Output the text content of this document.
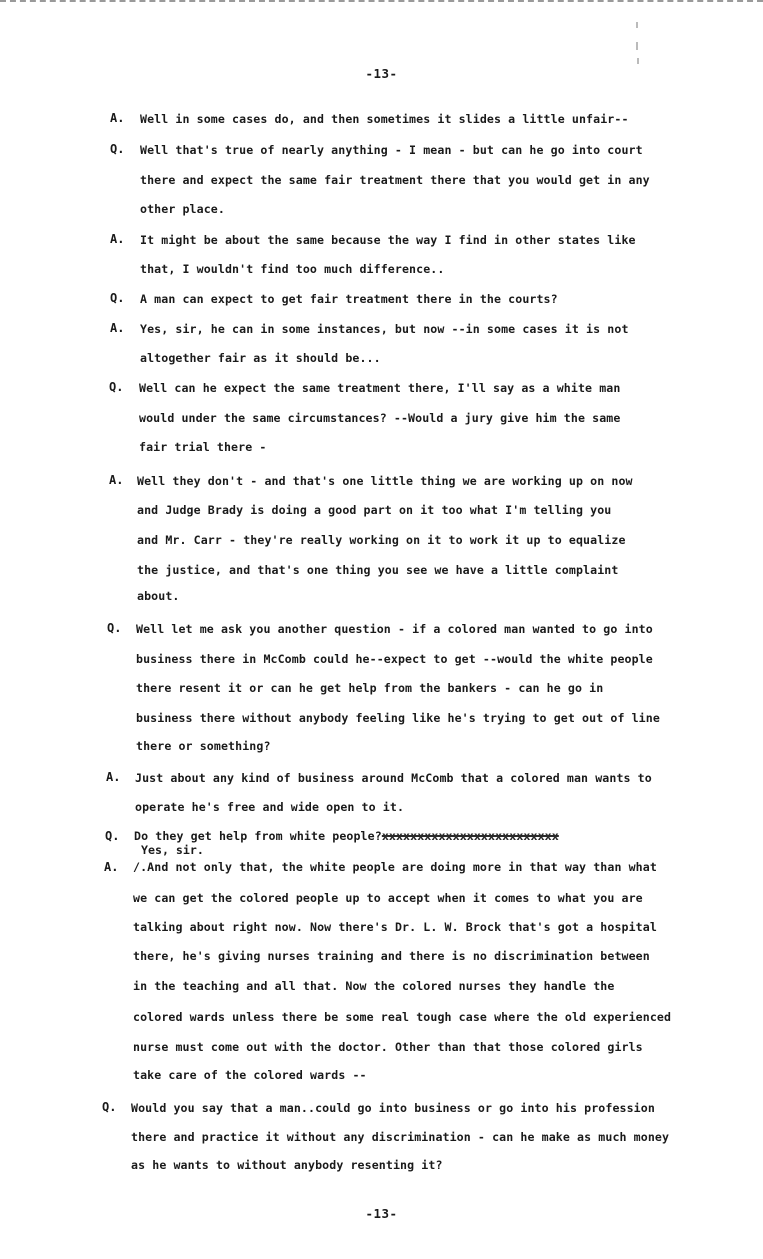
-13-
A. Well in some cases do, and then sometimes it slides a little unfair--
Q. Well that's true of nearly anything - I mean - but can he go into court
there and expect the same fair treatment there that you would get in any
other place.
A. It might be about the same because the way I find in other states like
that, I wouldn't find too much difference..
Q. A man can expect to get fair treatment there in the courts?
A. Yes, sir, he can in some instances, but now --in some cases it is not
altogether fair as it should be...
Q. Well can he expect the same treatment there, I'll say as a white man
would under the same circumstances? --Would a jury give him the same
fair trial there -
A. Well they don't - and that's one little thing we are working up on now
and Judge Brady is doing a good part on it too what I'm telling you
and Mr. Carr - they're really working on it to work it up to equalize
the justice, and that's one thing you see we have a little complaint
about.
Q. Well let me ask you another question - if a colored man wanted to go into
business there in McComb could he--expect to get --would the white people
there resent it or can he get help from the bankers - can he go in
business there without anybody feeling like he's trying to get out of line
there or something?
A. Just about any kind of business around McComb that a colored man wants to
operate he's free and wide open to it.
Q. Do they get help from white people?xxxxxxxxxxxxxxxxxxxxxxxxx
Yes, sir.
A. /.And not only that, the white people are doing more in that way than what
we can get the colored people up to accept when it comes to what you are
talking about right now. Now there's Dr. L. W. Brock that's got a hospital
there, he's giving nurses training and there is no discrimination between
in the teaching and all that. Now the colored nurses they handle the
colored wards unless there be some real tough case where the old experienced
nurse must come out with the doctor. Other than that those colored girls
take care of the colored wards --
Q. Would you say that a man..could go into business or go into his profession
there and practice it without any discrimination - can he make as much money
as he wants to without anybody resenting it?
-13-
